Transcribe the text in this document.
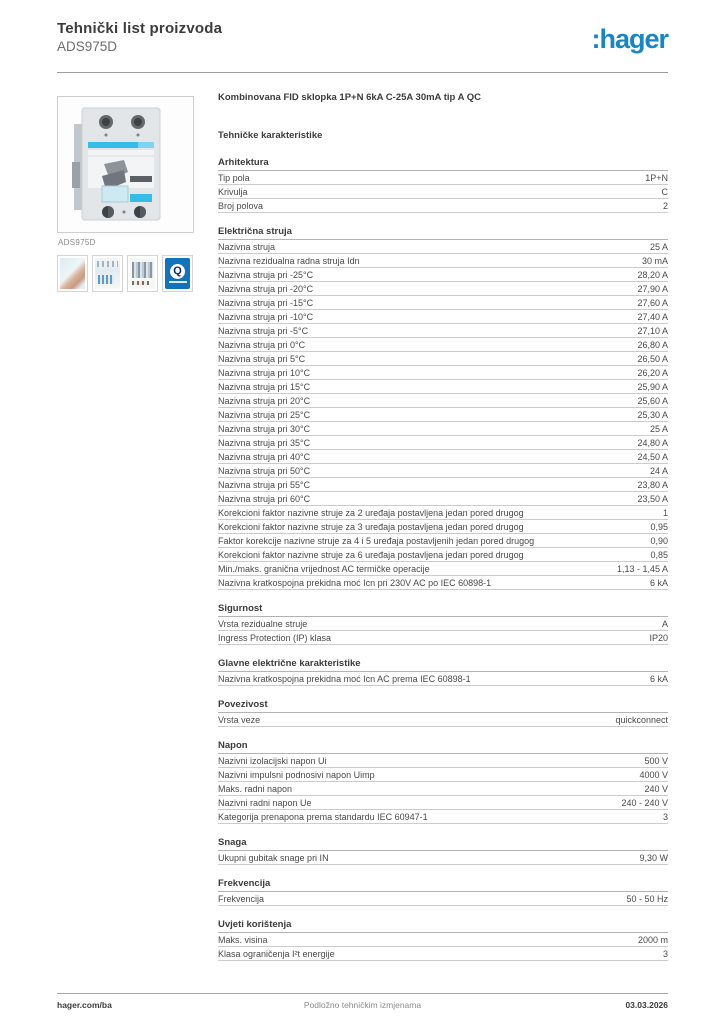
Tehnički list proizvoda
ADS975D	:hager
ADS975D
Q
Kombinovana FID sklopka 1P+N 6kA C-25A 30mA tip A QC
Tehničke karakteristike
Arhitektura
Tip pola	1P+N
Krivulja	C
Broj polova	2
Električna struja
Nazivna struja	25 A
Nazivna rezidualna radna struja Idn	30 mA
Nazivna struja pri -25°C	28,20 A
Nazivna struja pri -20°C	27,90 A
Nazivna struja pri -15°C	27,60 A
Nazivna struja pri -10°C	27,40 A
Nazivna struja pri -5°C	27,10 A
Nazivna struja pri 0°C	26,80 A
Nazivna struja pri 5°C	26,50 A
Nazivna struja pri 10°C	26,20 A
Nazivna struja pri 15°C	25,90 A
Nazivna struja pri 20°C	25,60 A
Nazivna struja pri 25°C	25,30 A
Nazivna struja pri 30°C	25 A
Nazivna struja pri 35°C	24,80 A
Nazivna struja pri 40°C	24,50 A
Nazivna struja pri 50°C	24 A
Nazivna struja pri 55°C	23,80 A
Nazivna struja pri 60°C	23,50 A
Korekcioni faktor nazivne struje za 2 uređaja postavljena jedan pored drugog	1
Korekcioni faktor nazivne struje za 3 uređaja postavljena jedan pored drugog	0,95
Faktor korekcije nazivne struje za 4 i 5 uređaja postavljenih jedan pored drugog	0,90
Korekcioni faktor nazivne struje za 6 uređaja postavljena jedan pored drugog	0,85
Min./maks. granična vrijednost AC termičke operacije	1,13 - 1,45 A
Nazivna kratkospojna prekidna moć Icn pri 230V AC po IEC 60898-1	6 kA
Sigurnost
Vrsta rezidualne struje	A
Ingress Protection (IP) klasa	IP20
Glavne električne karakteristike
Nazivna kratkospojna prekidna moć Icn AC prema IEC 60898-1	6 kA
Povezivost
Vrsta veze	quickconnect
Napon
Nazivni izolacijski napon Ui	500 V
Nazivni impulsni podnosivi napon Uimp	4000 V
Maks. radni napon	240 V
Nazivni radni napon Ue	240 - 240 V
Kategorija prenapona prema standardu IEC 60947-1	3
Snaga
Ukupni gubitak snage pri IN	9,30 W
Frekvencija
Frekvencija	50 - 50 Hz
Uvjeti korištenja
Maks. visina	2000 m
Klasa ograničenja I²t energije	3
hager.com/ba	Podložno tehničkim izmjenama	03.03.2026
